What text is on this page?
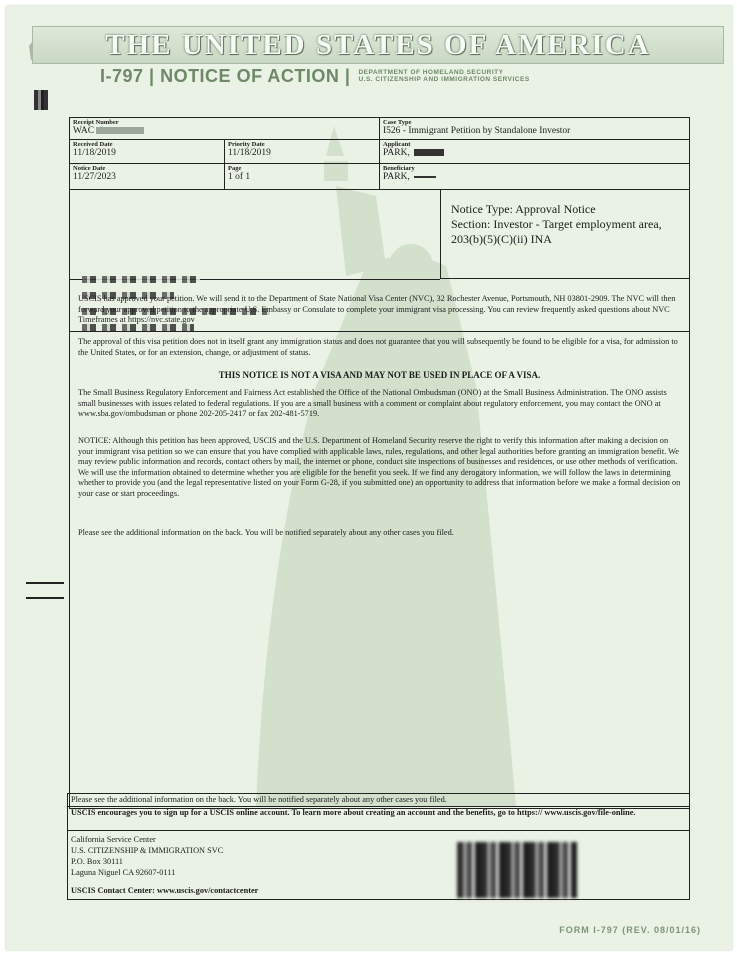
THE UNITED STATES OF AMERICA
I-797 | NOTICE OF ACTION | DEPARTMENT OF HOMELAND SECURITY
U.S. CITIZENSHIP AND IMMIGRATION SERVICES
Receipt Number
WAC
Case Type
I526 - Immigrant Petition by Standalone Investor
Received Date
11/18/2019
Priority Date
11/18/2019
Applicant
PARK,
Notice Date
11/27/2023
Page
1 of 1
Beneficiary
PARK,
Notice Type: Approval Notice
Section: Investor - Target employment area,
203(b)(5)(C)(ii) INA
USCIS has approved your petition. We will send it to the Department of State National Visa Center (NVC), 32 Rochester Avenue, Portsmouth, NH 03801-2909. The NVC will then forward your approved petition to the appropriate U.S. Embassy or Consulate to complete your immigrant visa processing. You can review frequently asked questions about NVC Timeframes at https://nvc.state.gov
The approval of this visa petition does not in itself grant any immigration status and does not guarantee that you will subsequently be found to be eligible for a visa, for admission to the United States, or for an extension, change, or adjustment of status.
THIS NOTICE IS NOT A VISA AND MAY NOT BE USED IN PLACE OF A VISA.
The Small Business Regulatory Enforcement and Fairness Act established the Office of the National Ombudsman (ONO) at the Small Business Administration. The ONO assists small businesses with issues related to federal regulations. If you are a small business with a comment or complaint about regulatory enforcement, you may contact the ONO at www.sba.gov/ombudsman or phone 202-205-2417 or fax 202-481-5719.
NOTICE: Although this petition has been approved, USCIS and the U.S. Department of Homeland Security reserve the right to verify this information after making a decision on your immigrant visa petition so we can ensure that you have complied with applicable laws, rules, regulations, and other legal authorities before granting an immigration benefit. We may review public information and records, contact others by mail, the internet or phone, conduct site inspections of businesses and residences, or use other methods of verification. We will use the information obtained to determine whether you are eligible for the benefit you seek. If we find any derogatory information, we will follow the laws in determining whether to provide you (and the legal representative listed on your Form G-28, if you submitted one) an opportunity to address that information before we make a formal decision on your case or start proceedings.
Please see the additional information on the back. You will be notified separately about any other cases you filed.
Please see the additional information on the back. You will be notified separately about any other cases you filed.
USCIS encourages you to sign up for a USCIS online account. To learn more about creating an account and the benefits, go to https:// www.uscis.gov/file-online.
California Service Center
U.S. CITIZENSHIP & IMMIGRATION SVC
P.O. Box 30111
Laguna Niguel CA 92607-0111
USCIS Contact Center: www.uscis.gov/contactcenter
FORM I-797 (REV. 08/01/16)
